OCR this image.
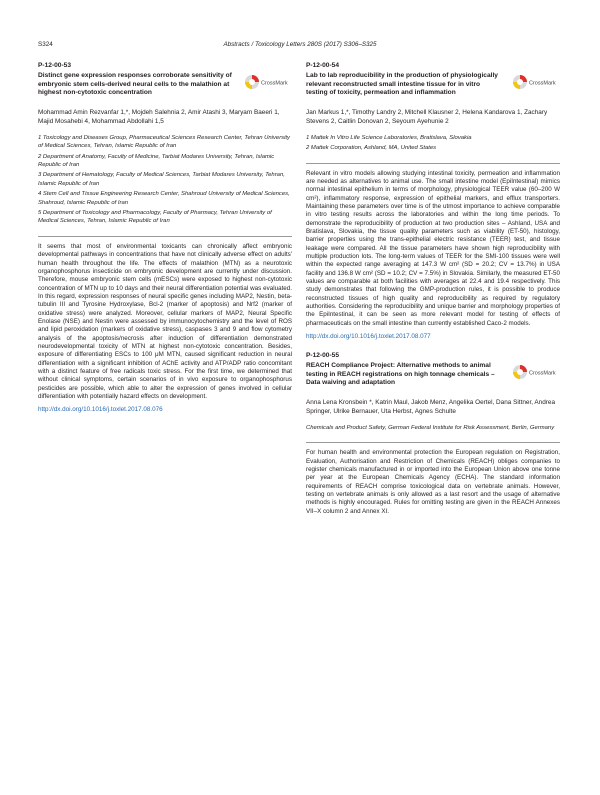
S324	Abstracts / Toxicology Letters 280S (2017) S306–S325
P-12-00-53

Distinct gene expression responses corroborate sensitivity of embryonic stem cells-derived neural cells to the malathion at highest non-cytotoxic concentration

CrossMark
Mohammad Amin Rezvanfar 1,*, Mojdeh Salehnia 2, Amir Atashi 3, Maryam Baeeri 1, Majid Mosahebi 4, Mohammad Abdollahi 1,5
1 Toxicology and Diseases Group, Pharmaceutical Sciences Research Center, Tehran University of Medical Sciences, Tehran, Islamic Republic of Iran
2 Department of Anatomy, Faculty of Medicine, Tarbiat Modares University, Tehran, Islamic Republic of Iran
3 Department of Hematology, Faculty of Medical Sciences, Tarbiat Modares University, Tehran, Islamic Republic of Iran
4 Stem Cell and Tissue Engineering Research Center, Shahroud University of Medical Sciences, Shahroud, Islamic Republic of Iran
5 Department of Toxicology and Pharmacology, Faculty of Pharmacy, Tehran University of Medical Sciences, Tehran, Islamic Republic of Iran

It seems that most of environmental toxicants can chronically affect embryonic developmental pathways in concentrations that have not clinically adverse effect on adults' human health throughout the life. The effects of malathion (MTN) as a neurotoxic organophosphorus insecticide on embryonic development are currently under discussion. Therefore, mouse embryonic stem cells (mESCs) were exposed to highest non-cytotoxic concentration of MTN up to 10 days and their neural differentiation potential was evaluated. In this regard, expression responses of neural specific genes including MAP2, Nestin, beta-tubulin III and Tyrosine Hydroxylase, Bcl-2 (marker of apoptosis) and Nrf2 (marker of oxidative stress) were analyzed. Moreover, cellular markers of MAP2, Neural Specific Enolase (NSE) and Nestin were assessed by immunocytochemistry and the level of ROS and lipid peroxidation (markers of oxidative stress), caspases 3 and 9 and flow cytometry analysis of the apoptosis/necrosis after induction of differentiation demonstrated neurodevelopmental toxicity of MTN at highest non-cytotoxic concentration. Besides, exposure of differentiating ESCs to 100 μM MTN, caused significant reduction in neural differentiation with a significant inhibition of AChE activity and ATP/ADP ratio concomitant with a distinct feature of free radicals toxic stress. For the first time, we determined that without clinical symptoms, certain scenarios of in vivo exposure to organophosphorus pesticides are possible, which able to alter the expression of genes involved in cellular differentiation with potentially hazard effects on development.

http://dx.doi.org/10.1016/j.toxlet.2017.08.076
P-12-00-54

Lab to lab reproducibility in the production of physiologically relevant reconstructed small intestine tissue for in vitro testing of toxicity, permeation and inflammation

CrossMark
Jan Markus 1,*, Timothy Landry 2, Mitchell Klausner 2, Helena Kandarova 1, Zachary Stevens 2, Caitlin Donovan 2, Seyoum Ayehunie 2
1 Mattek In Vitro Life Science Laboratories, Bratislava, Slovakia
2 Mattek Corporation, Ashland, MA, United States

Relevant in vitro models allowing studying intestinal toxicity, permeation and inflammation are needed as alternatives to animal use. The small intestine model (EpiIntestinal) mimics normal intestinal epithelium in terms of morphology, physiological TEER value (60–200 W cm²), inflammatory response, expression of epithelial markers, and efflux transporters. Maintaining these parameters over time is of the utmost importance to achieve comparable in vitro testing results across the laboratories and within the long time periods. To demonstrate the reproducibility of production at two production sites – Ashland, USA and Bratislava, Slovakia, the tissue quality parameters such as viability (ET-50), histology, barrier properties using the trans-epithelial electric resistance (TEER) test, and tissue leakage were compared. All the tissue parameters have shown high reproducibility with multiple production lots. The long-term values of TEER for the SMI-100 tissues were well within the expected range averaging at 147.3 W cm² (SD = 20.2; CV = 13.7%) in USA facility and 136.8 W cm² (SD = 10.2; CV = 7.5%) in Slovakia. Similarly, the measured ET-50 values are comparable at both facilities with averages at 22.4 and 19.4 respectively. This study demonstrates that following the GMP-production rules, it is possible to produce reconstructed tissues of high quality and reproducibility as required by regulatory authorities. Considering the reproducibility and unique barrier and morphology properties of the EpiIntestinal, it can be seen as more relevant model for testing of effects of pharmaceuticals on the small intestine than currently established Caco-2 models.

http://dx.doi.org/10.1016/j.toxlet.2017.08.077
P-12-00-55

REACH Compliance Project: Alternative methods to animal testing in REACH registrations on high tonnage chemicals – Data waiving and adaptation

CrossMark
Anna Lena Kronsbein *, Katrin Maul, Jakob Menz, Angelika Oertel, Dana Sittner, Andrea Springer, Ulrike Bernauer, Uta Herbst, Agnes Schulte
Chemicals and Product Safety, German Federal Institute for Risk Assessment, Berlin, Germany

For human health and environmental protection the European regulation on Registration, Evaluation, Authorisation and Restriction of Chemicals (REACH) obliges companies to register chemicals manufactured in or imported into the European Union above one tonne per year at the European Chemicals Agency (ECHA). The standard information requirements of REACH comprise toxicological data on vertebrate animals. However, testing on vertebrate animals is only allowed as a last resort and the usage of alternative methods is highly encouraged. Rules for omitting testing are given in the REACH Annexes VII–X column 2 and Annex XI.
